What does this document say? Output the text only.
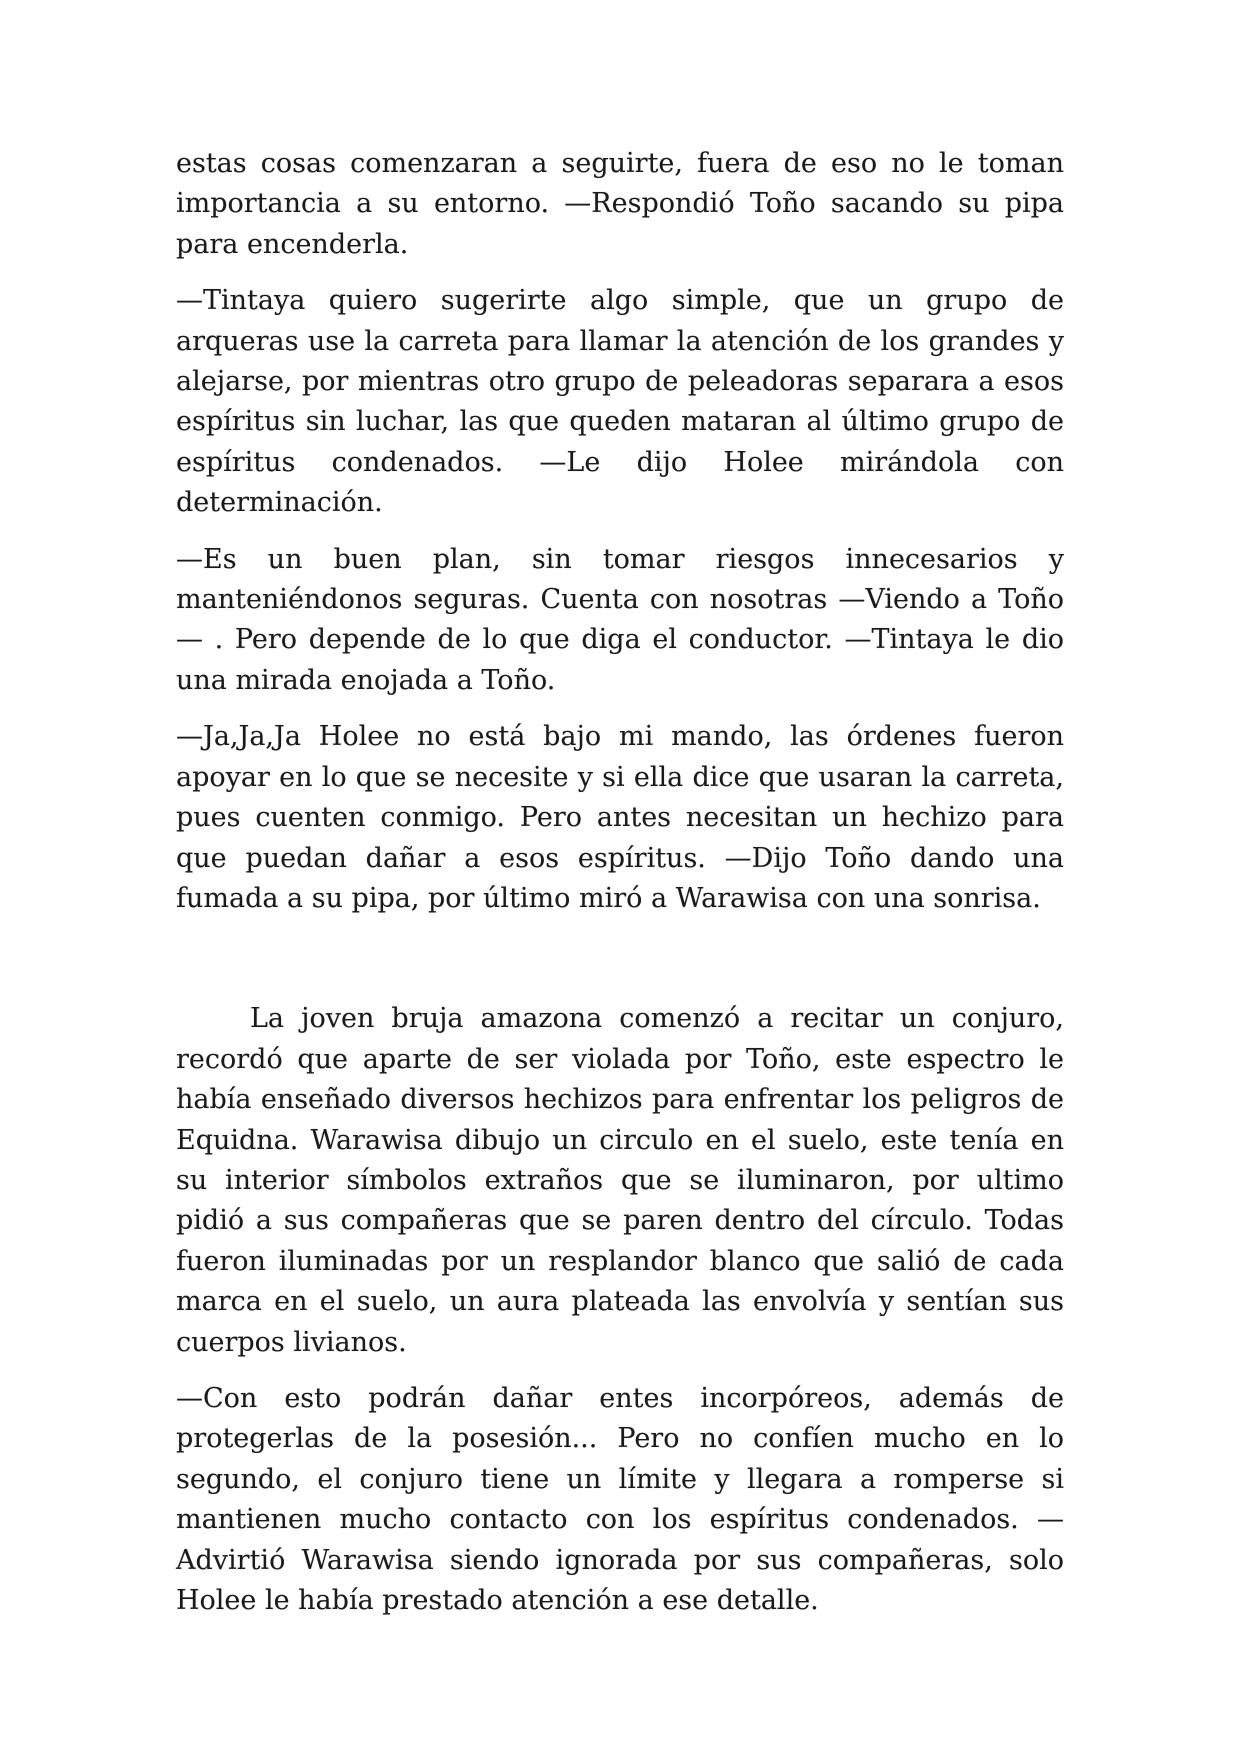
estas cosas comenzaran a seguirte, fuera de eso no le toman importancia a su entorno. —Respondió Toño sacando su pipa para encenderla.

—Tintaya quiero sugerirte algo simple, que un grupo de arqueras use la carreta para llamar la atención de los grandes y alejarse, por mientras otro grupo de peleadoras separara a esos espíritus sin luchar, las que queden mataran al último grupo de espíritus condenados. —Le dijo Holee mirándola con determinación.

—Es un buen plan, sin tomar riesgos innecesarios y manteniéndonos seguras. Cuenta con nosotras —Viendo a Toño— . Pero depende de lo que diga el conductor. —Tintaya le dio una mirada enojada a Toño.

—Ja,Ja,Ja Holee no está bajo mi mando, las órdenes fueron apoyar en lo que se necesite y si ella dice que usaran la carreta, pues cuenten conmigo. Pero antes necesitan un hechizo para que puedan dañar a esos espíritus. —Dijo Toño dando una fumada a su pipa, por último miró a Warawisa con una sonrisa.

La joven bruja amazona comenzó a recitar un conjuro, recordó que aparte de ser violada por Toño, este espectro le había enseñado diversos hechizos para enfrentar los peligros de Equidna. Warawisa dibujo un circulo en el suelo, este tenía en su interior símbolos extraños que se iluminaron, por ultimo pidió a sus compañeras que se paren dentro del círculo. Todas fueron iluminadas por un resplandor blanco que salió de cada marca en el suelo, un aura plateada las envolvía y sentían sus cuerpos livianos.

—Con esto podrán dañar entes incorpóreos, además de protegerlas de la posesión... Pero no confíen mucho en lo segundo, el conjuro tiene un límite y llegara a romperse si mantienen mucho contacto con los espíritus condenados. —Advirtió Warawisa siendo ignorada por sus compañeras, solo Holee le había prestado atención a ese detalle.
